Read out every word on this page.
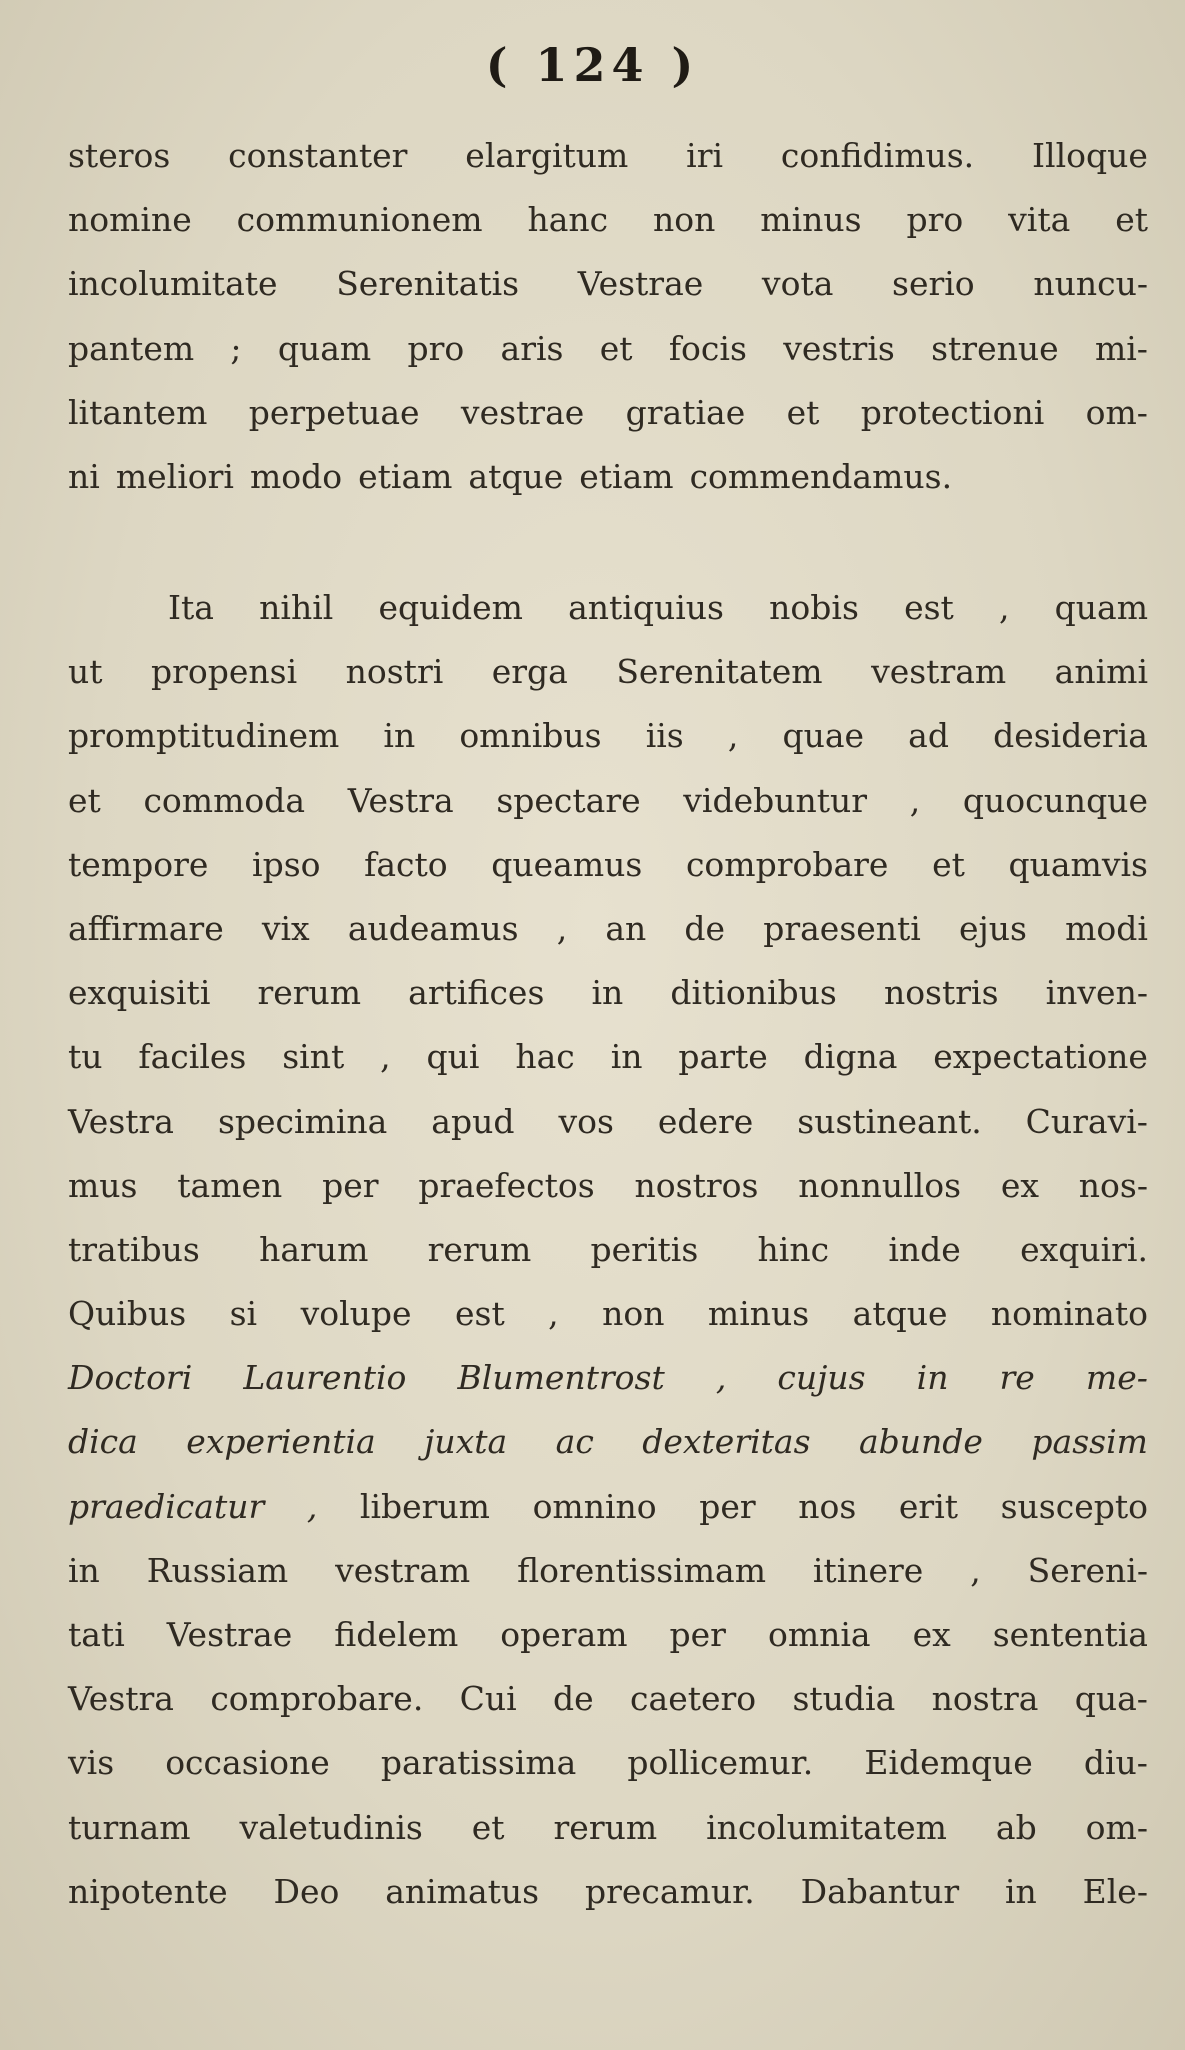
( 124 )
steros constanter elargitum iri confidimus. Illoque
nomine communionem hanc non minus pro vita et
incolumitate Serenitatis Vestrae vota serio nuncu-
pantem ; quam pro aris et focis vestris strenue mi-
litantem perpetuae vestrae gratiae et protectioni om-
ni meliori modo etiam atque etiam commendamus.
Ita nihil equidem antiquius nobis est , quam
ut propensi nostri erga Serenitatem vestram animi
promptitudinem in omnibus iis , quae ad desideria
et commoda Vestra spectare videbuntur , quocunque
tempore ipso facto queamus comprobare et quamvis
affirmare vix audeamus , an de praesenti ejus modi
exquisiti rerum artifices in ditionibus nostris inven-
tu faciles sint , qui hac in parte digna expectatione
Vestra specimina apud vos edere sustineant. Curavi-
mus tamen per praefectos nostros nonnullos ex nos-
tratibus harum rerum peritis hinc inde exquiri.
Quibus si volupe est , non minus atque nominato
Doctori Laurentio Blumentrost , cujus in re me-
dica experientia juxta ac dexteritas abunde passim
praedicatur , liberum omnino per nos erit suscepto
in Russiam vestram florentissimam itinere , Sereni-
tati Vestrae fidelem operam per omnia ex sententia
Vestra comprobare. Cui de caetero studia nostra qua-
vis occasione paratissima pollicemur. Eidemque diu-
turnam valetudinis et rerum incolumitatem ab om-
nipotente Deo animatus precamur. Dabantur in Ele-
